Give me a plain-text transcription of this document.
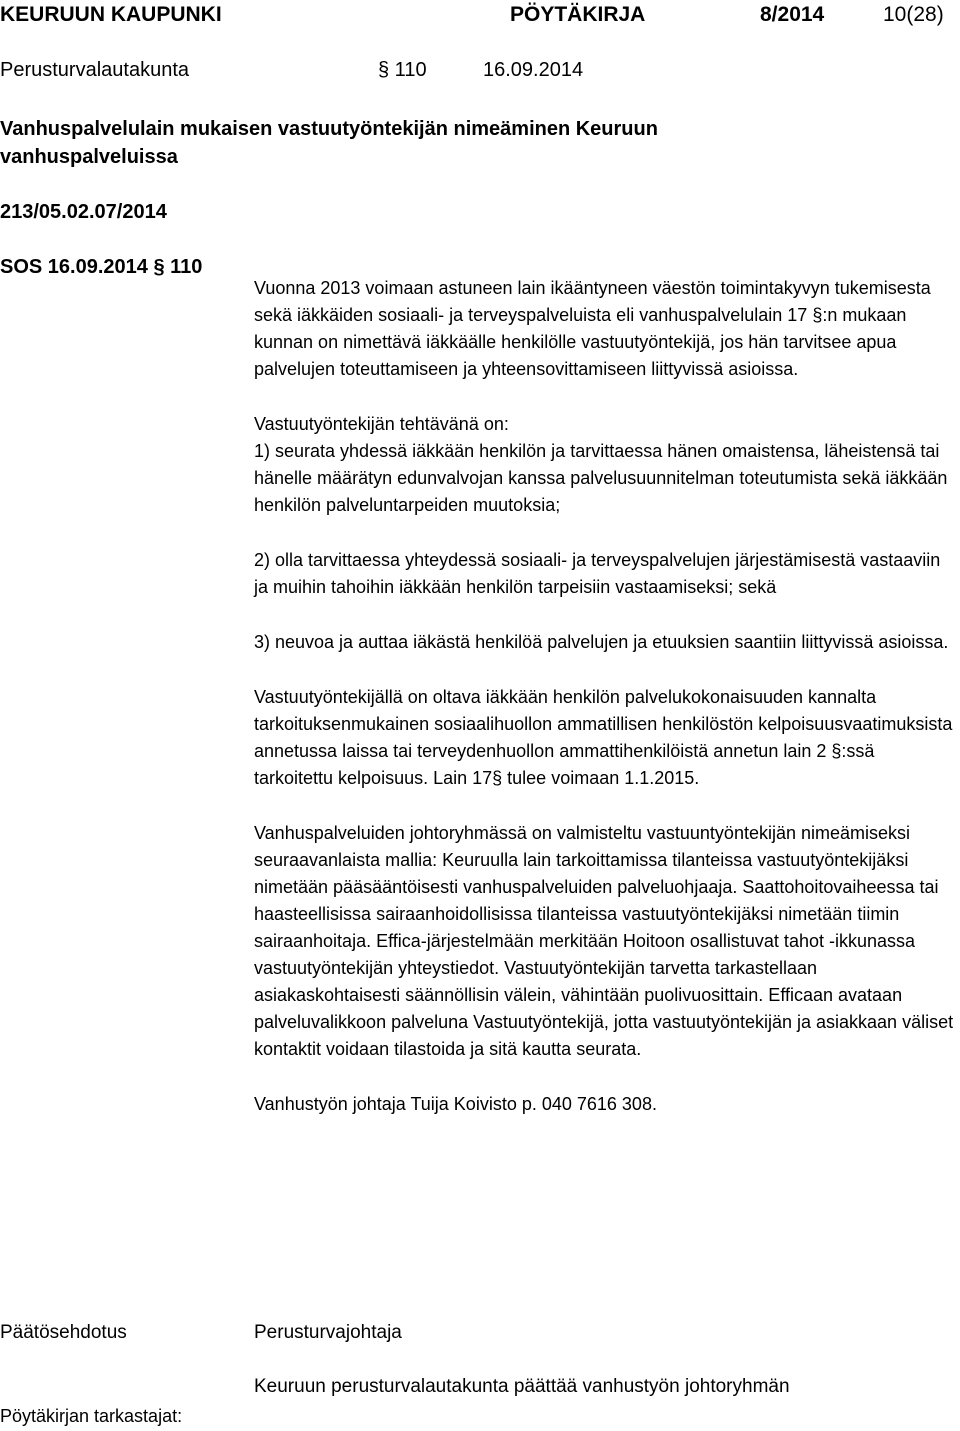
KEURUUN KAUPUNKI	PÖYTÄKIRJA	8/2014	10(28)
Perusturvalautakunta	§ 110	16.09.2014
Vanhuspalvelulain mukaisen vastuutyöntekijän nimeäminen Keuruun vanhuspalveluissa
213/05.02.07/2014
SOS 16.09.2014 § 110

Vuonna 2013 voimaan astuneen lain ikääntyneen väestön toimintakyvyn tukemisesta sekä iäkkäiden sosiaali- ja terveyspalveluista eli vanhuspalvelulain 17 §:n mukaan kunnan on nimettävä iäkkäälle henkilölle vastuutyöntekijä, jos hän tarvitsee apua palvelujen toteuttamiseen ja yhteensovittamiseen liittyvissä asioissa.

Vastuutyöntekijän tehtävänä on:
1) seurata yhdessä iäkkään henkilön ja tarvittaessa hänen omaistensa, läheistensä tai hänelle määrätyn edunvalvojan kanssa palvelusuunnitelman toteutumista sekä iäkkään henkilön palveluntarpeiden muutoksia;

2) olla tarvittaessa yhteydessä sosiaali- ja terveyspalvelujen järjestämisestä vastaaviin ja muihin tahoihin iäkkään henkilön tarpeisiin vastaamiseksi; sekä

3) neuvoa ja auttaa iäkästä henkilöä palvelujen ja etuuksien saantiin liittyvissä asioissa.

Vastuutyöntekijällä on oltava iäkkään henkilön palvelukokonaisuuden kannalta tarkoituksenmukainen sosiaalihuollon ammatillisen henkilöstön kelpoisuusvaatimuksista annetussa laissa tai terveydenhuollon ammattihenkilöistä annetun lain 2 §:ssä tarkoitettu kelpoisuus. Lain 17§ tulee voimaan 1.1.2015.

Vanhuspalveluiden johtoryhmässä on valmisteltu vastuuntyöntekijän nimeämiseksi seuraavanlaista mallia: Keuruulla lain tarkoittamissa tilanteissa vastuutyöntekijäksi nimetään pääsääntöisesti vanhuspalveluiden palveluohjaaja. Saattohoitovaiheessa tai haasteellisissa sairaanhoidollisissa tilanteissa vastuutyöntekijäksi nimetään tiimin sairaanhoitaja. Effica-järjestelmään merkitään Hoitoon osallistuvat tahot -ikkunassa vastuutyöntekijän yhteystiedot. Vastuutyöntekijän tarvetta tarkastellaan asiakaskohtaisesti säännöllisin välein, vähintään puolivuosittain. Efficaan avataan palveluvalikkoon palveluna Vastuutyöntekijä, jotta vastuutyöntekijän ja asiakkaan väliset kontaktit voidaan tilastoida ja sitä kautta seurata.

Vanhustyön johtaja Tuija Koivisto p. 040 7616 308.

Päätösehdotus	Perusturvajohtaja
Keuruun perusturvalautakunta päättää vanhustyön johtoryhmän
Pöytäkirjan tarkastajat:
